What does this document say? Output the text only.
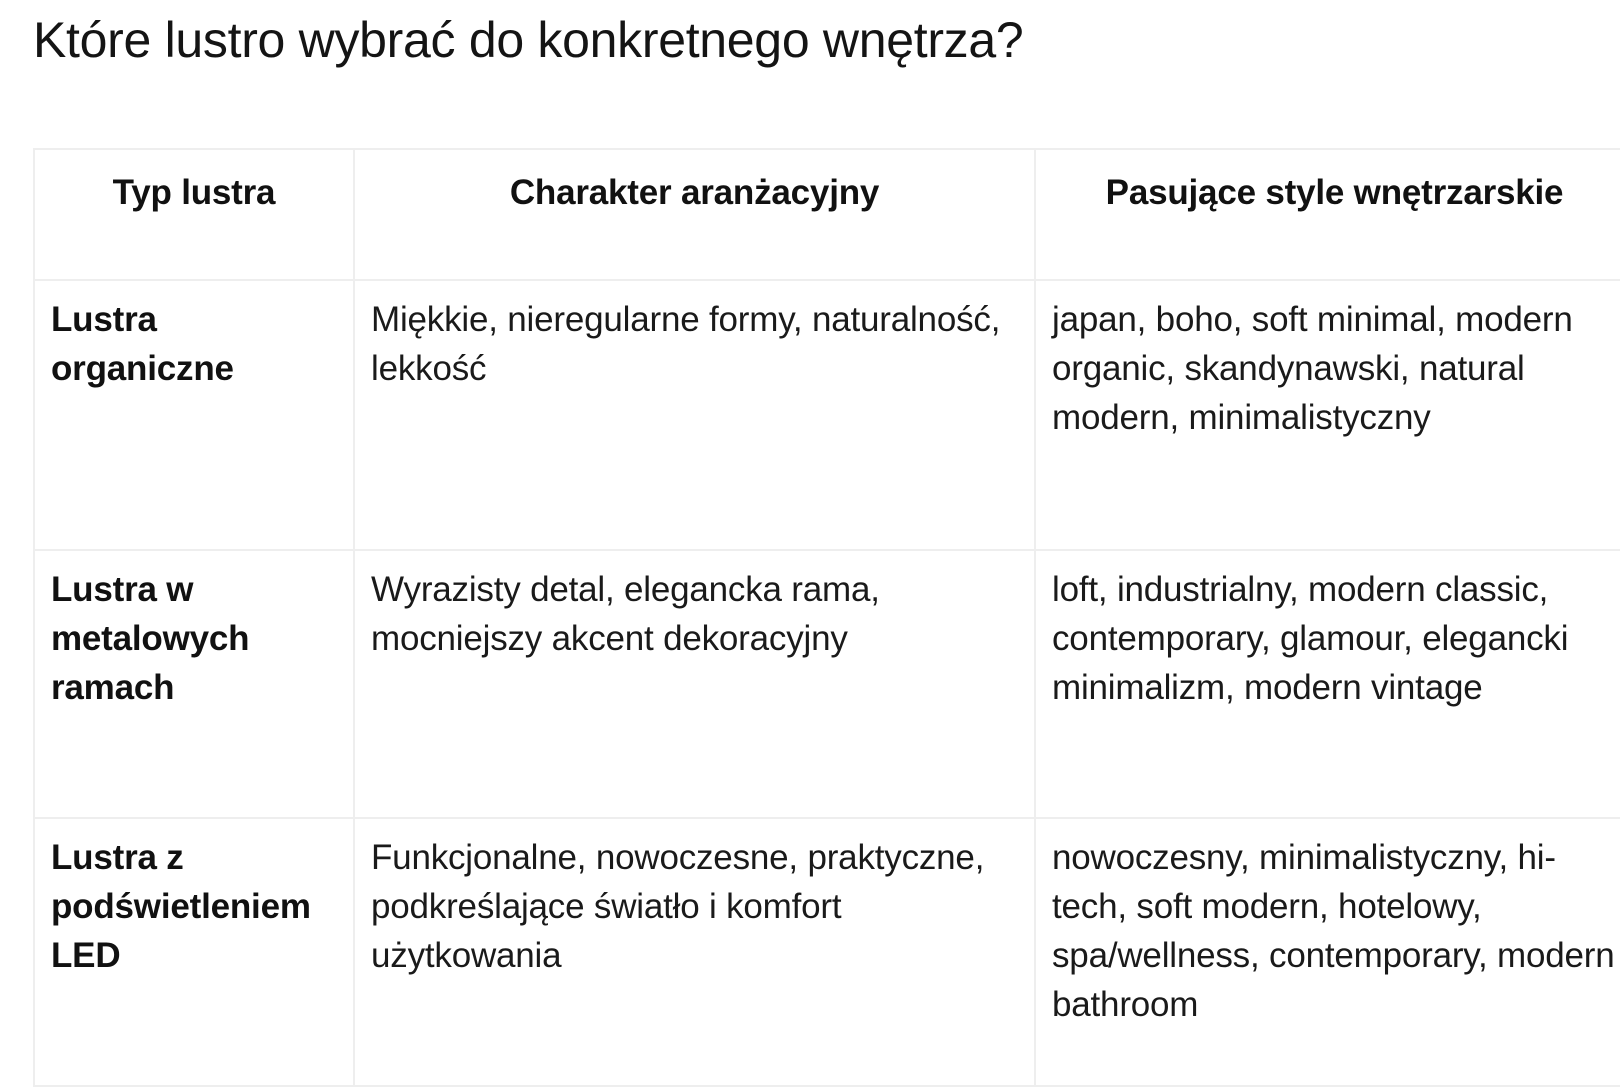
Które lustro wybrać do konkretnego wnętrza?
Typ lustra	Charakter aranżacyjny	Pasujące style wnętrzarskie

Lustra organiczne	Miękkie, nieregularne formy, naturalność, lekkość	japan, boho, soft minimal, modern organic, skandynawski, natural modern, minimalistyczny

Lustra w metalowych ramach	Wyrazisty detal, elegancka rama, mocniejszy akcent dekoracyjny	loft, industrialny, modern classic, contemporary, glamour, elegancki minimalizm, modern vintage

Lustra z podświetleniem LED	Funkcjonalne, nowoczesne, praktyczne, podkreślające światło i komfort użytkowania	nowoczesny, minimalistyczny, hi-tech, soft modern, hotelowy, spa/wellness, contemporary, modern bathroom
